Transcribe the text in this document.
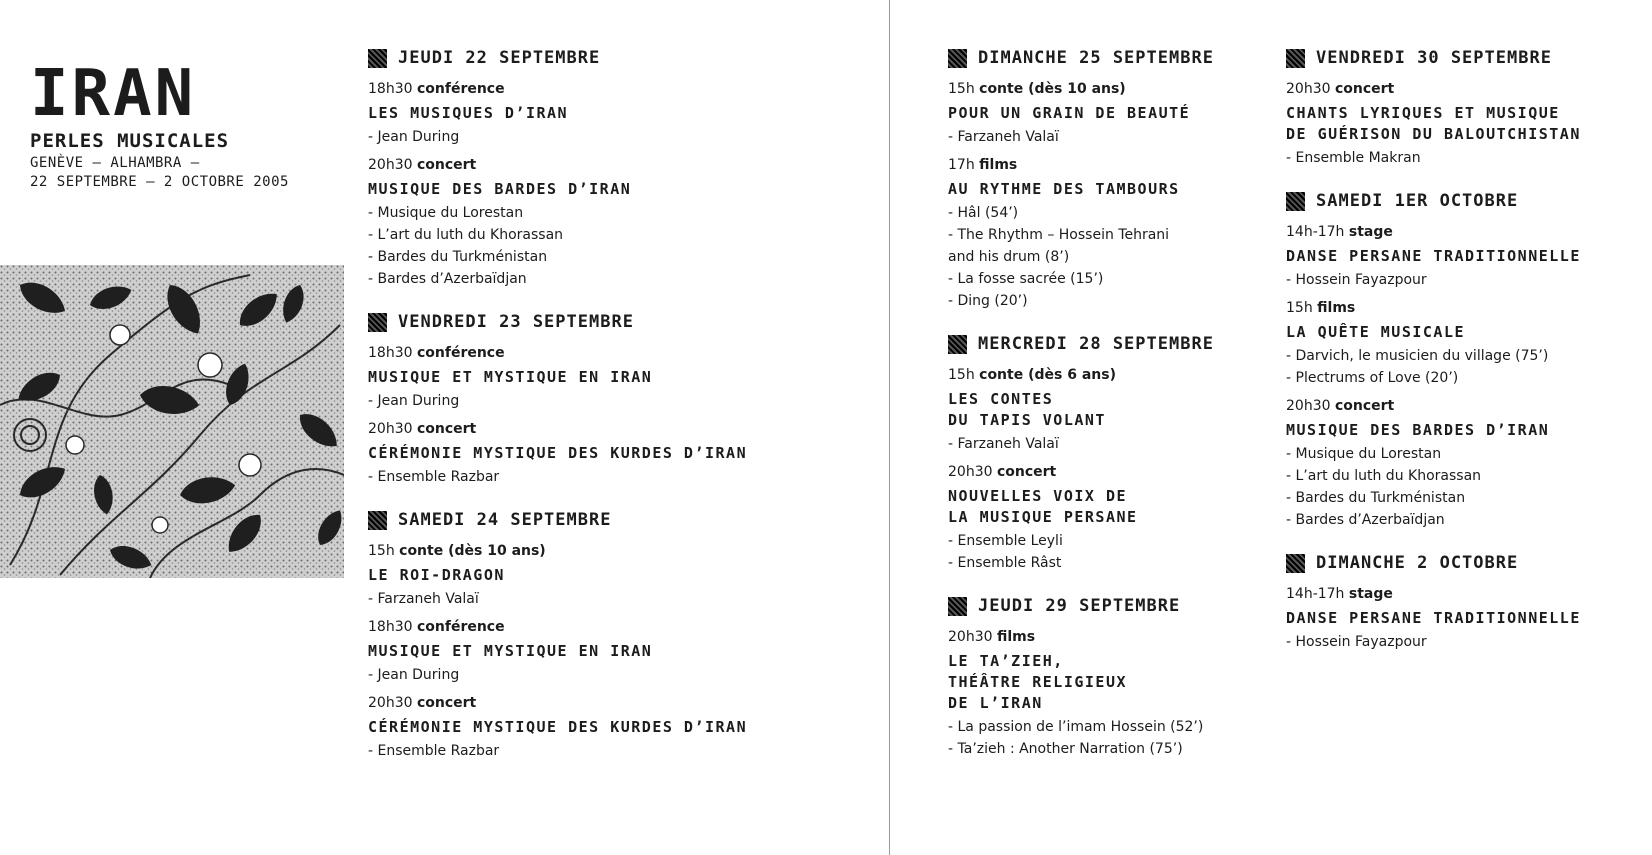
IRAN
PERLES MUSICALES
GENÈVE – ALHAMBRA –
22 SEPTEMBRE – 2 OCTOBRE 2005
JEUDI 22 SEPTEMBRE
18h30 conférence
LES MUSIQUES D’IRAN
- Jean During
20h30 concert
MUSIQUE DES BARDES D’IRAN
- Musique du Lorestan
- L’art du luth du Khorassan
- Bardes du Turkménistan
- Bardes d’Azerbaïdjan
VENDREDI 23 SEPTEMBRE
18h30 conférence
MUSIQUE ET MYSTIQUE EN IRAN
- Jean During
20h30 concert
CÉRÉMONIE MYSTIQUE DES KURDES D’IRAN
- Ensemble Razbar
SAMEDI 24 SEPTEMBRE
15h conte (dès 10 ans)
LE ROI-DRAGON
- Farzaneh Valaï
18h30 conférence
MUSIQUE ET MYSTIQUE EN IRAN
- Jean During
20h30 concert
CÉRÉMONIE MYSTIQUE DES KURDES D’IRAN
- Ensemble Razbar
DIMANCHE 25 SEPTEMBRE
15h conte (dès 10 ans)
POUR UN GRAIN DE BEAUTÉ
- Farzaneh Valaï
17h films
AU RYTHME DES TAMBOURS
- Hâl (54’)
- The Rhythm – Hossein Tehrani
and his drum (8’)
- La fosse sacrée (15’)
- Ding (20’)
MERCREDI 28 SEPTEMBRE
15h conte (dès 6 ans)
LES CONTES
DU TAPIS VOLANT
- Farzaneh Valaï
20h30 concert
NOUVELLES VOIX DE
LA MUSIQUE PERSANE
- Ensemble Leyli
- Ensemble Râst
JEUDI 29 SEPTEMBRE
20h30 films
LE TA’ZIEH,
THÉÂTRE RELIGIEUX
DE L’IRAN
- La passion de l’imam Hossein (52’)
- Ta’zieh : Another Narration (75’)
VENDREDI 30 SEPTEMBRE
20h30 concert
CHANTS LYRIQUES ET MUSIQUE
DE GUÉRISON DU BALOUTCHISTAN
- Ensemble Makran
SAMEDI 1ER OCTOBRE
14h-17h stage
DANSE PERSANE TRADITIONNELLE
- Hossein Fayazpour
15h films
LA QUÊTE MUSICALE
- Darvich, le musicien du village (75’)
- Plectrums of Love (20’)
20h30 concert
MUSIQUE DES BARDES D’IRAN
- Musique du Lorestan
- L’art du luth du Khorassan
- Bardes du Turkménistan
- Bardes d’Azerbaïdjan
DIMANCHE 2 OCTOBRE
14h-17h stage
DANSE PERSANE TRADITIONNELLE
- Hossein Fayazpour
